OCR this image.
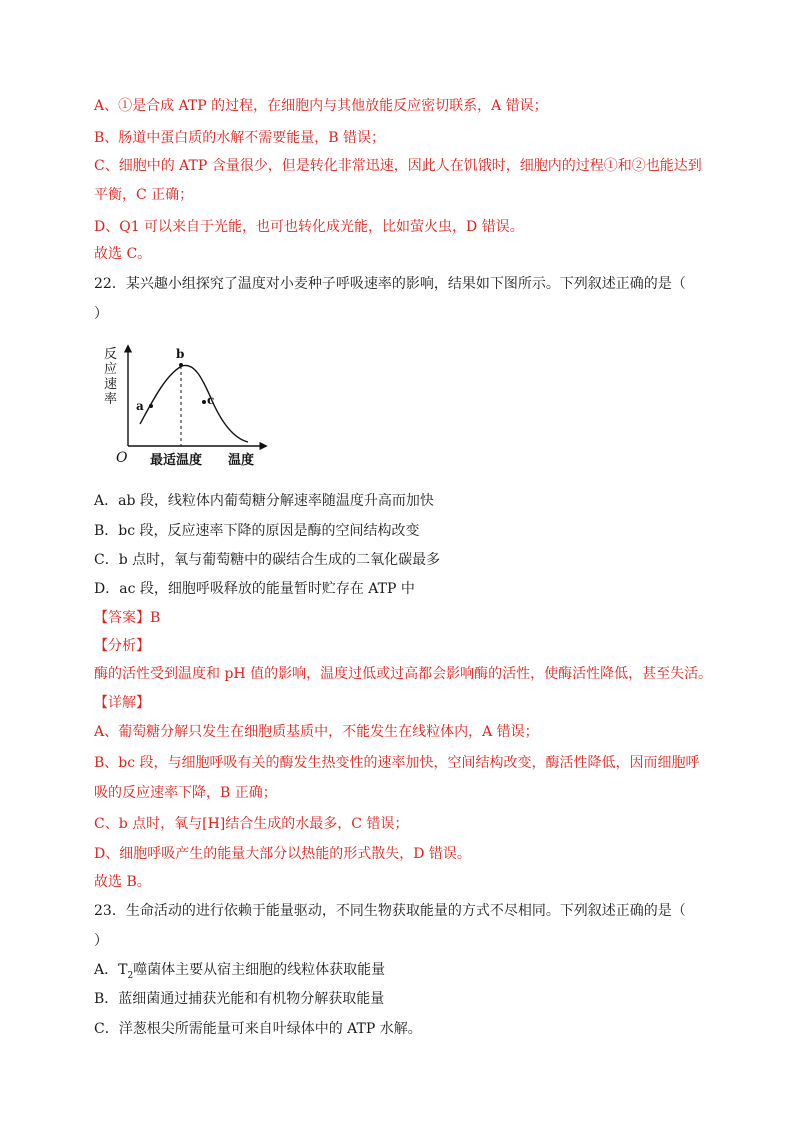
A、①是合成 ATP 的过程，在细胞内与其他放能反应密切联系，A 错误；
B、肠道中蛋白质的水解不需要能量，B 错误；
C、细胞中的 ATP 含量很少，但是转化非常迅速，因此人在饥饿时，细胞内的过程①和②也能达到
平衡，C 正确；
D、Q1 可以来自于光能，也可也转化成光能，比如萤火虫，D 错误。
故选 C。
22．某兴趣小组探究了温度对小麦种子呼吸速率的影响，结果如下图所示。下列叙述正确的是（
）
反
应
速
率 a
b
c
O 最适温度 温度
A．ab 段，线粒体内葡萄糖分解速率随温度升高而加快
B．bc 段，反应速率下降的原因是酶的空间结构改变
C．b 点时，氧与葡萄糖中的碳结合生成的二氧化碳最多
D．ac 段，细胞呼吸释放的能量暂时贮存在 ATP 中
【答案】B
【分析】
酶的活性受到温度和 pH 值的影响，温度过低或过高都会影响酶的活性，使酶活性降低，甚至失活。
【详解】
A、葡萄糖分解只发生在细胞质基质中，不能发生在线粒体内，A 错误；
B、bc 段，与细胞呼吸有关的酶发生热变性的速率加快，空间结构改变，酶活性降低，因而细胞呼
吸的反应速率下降，B 正确；
C、b 点时，氧与[H]结合生成的水最多，C 错误；
D、细胞呼吸产生的能量大部分以热能的形式散失，D 错误。
故选 B。
23．生命活动的进行依赖于能量驱动，不同生物获取能量的方式不尽相同。下列叙述正确的是（
）
A．$T_2$噬菌体主要从宿主细胞的线粒体获取能量
B．蓝细菌通过捕获光能和有机物分解获取能量
C．洋葱根尖所需能量可来自叶绿体中的 ATP 水解。
